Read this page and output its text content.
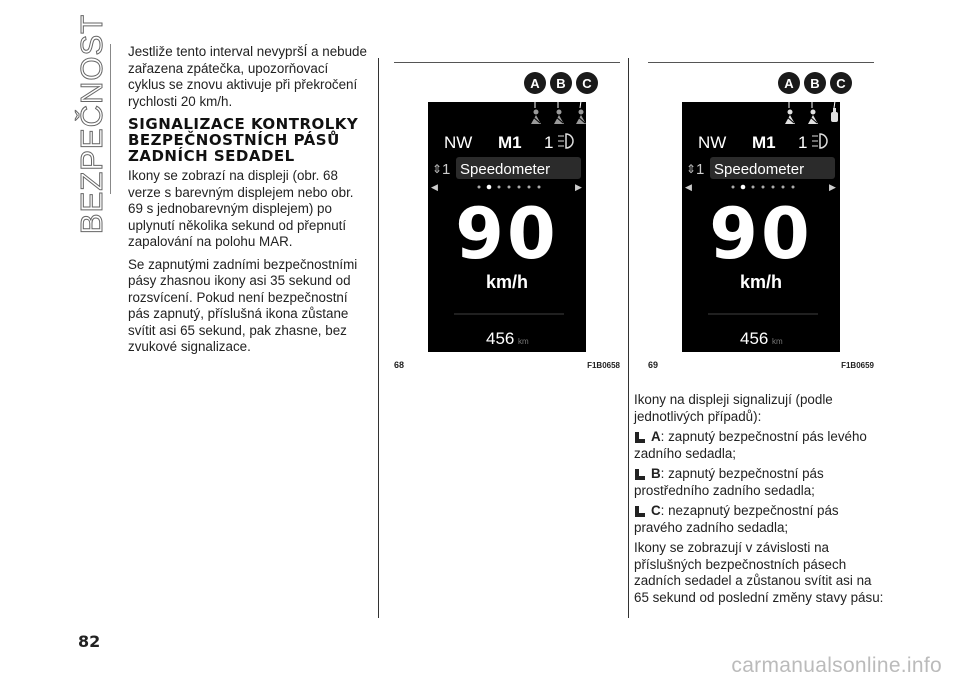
BEZPEČNOST Jestliže tento interval nevypršÍ a nebude zařazena zpátečka, upozorňovací cyklus se znovu aktivuje při překročení rychlosti 20 km/h.

SIGNALIZACE KONTROLKY BEZPEČNOSTNÍCH PÁSŮ ZADNÍCH SEDADEL

Ikony se zobrazí na displeji (obr. 68 verze s barevným displejem nebo obr. 69 s jednobarevným displejem) po uplynutí několika sekund od přepnutí zapalování na polohu MAR.

Se zapnutými zadními bezpečnostními pásy zhasnou ikony asi 35 sekund od rozsvícení. Pokud není bezpečnostní pás zapnutý, příslušná ikona zůstane svítit asi 65 sekund, pak zhasne, bez zvukové signalizace.

A B C
NW M1 1
⇕ 1 Speedometer
◀	▶
90
km/h
456 km
68	F1B0658
A B C
NW M1 1
⇕ 1 Speedometer
◀	▶
90
km/h
456 km
69	F1B0659

Ikony na displeji signalizují (podle jednotlivých případů):

A: zapnutý bezpečnostní pás levého zadního sedadla;

B: zapnutý bezpečnostní pás prostředního zadního sedadla;

C: nezapnutý bezpečnostní pás pravého zadního sedadla;

Ikony se zobrazují v závislosti na příslušných bezpečnostních pásech zadních sedadel a zůstanou svítit asi na 65 sekund od poslední změny stavy pásu:

82
carmanualsonline.info
